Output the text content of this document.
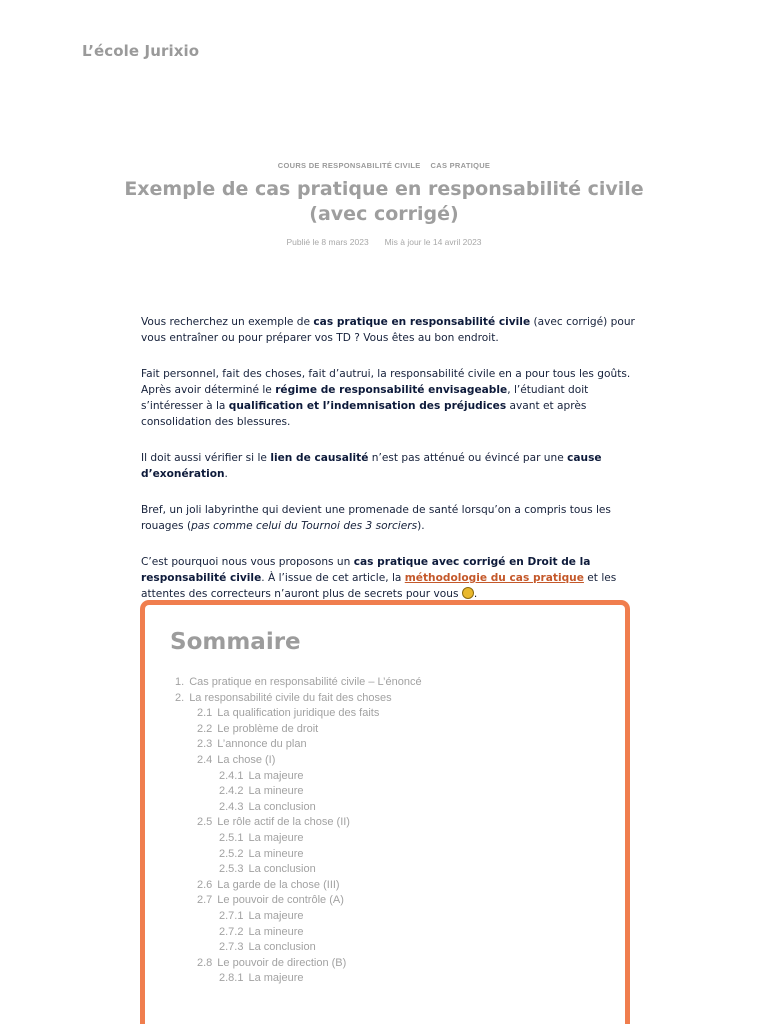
L’école Jurixio
COURS DE RESPONSABILITÉ CIVILE CAS PRATIQUE
Exemple de cas pratique en responsabilité civile (avec corrigé)
Publié le 8 mars 2023 Mis à jour le 14 avril 2023

Vous recherchez un exemple de cas pratique en responsabilité civile (avec corrigé) pour vous entraîner ou pour préparer vos TD ? Vous êtes au bon endroit.

Fait personnel, fait des choses, fait d’autrui, la responsabilité civile en a pour tous les goûts. Après avoir déterminé le régime de responsabilité envisageable, l’étudiant doit s’intéresser à la qualification et l’indemnisation des préjudices avant et après consolidation des blessures.

Il doit aussi vérifier si le lien de causalité n’est pas atténué ou évincé par une cause d’exonération.

Bref, un joli labyrinthe qui devient une promenade de santé lorsqu’on a compris tous les rouages (pas comme celui du Tournoi des 3 sorciers).

C’est pourquoi nous vous proposons un cas pratique avec corrigé en Droit de la responsabilité civile. À l’issue de cet article, la méthodologie du cas pratique et les attentes des correcteurs n’auront plus de secrets pour vous .

Sommaire
1. Cas pratique en responsabilité civile – L’énoncé
2. La responsabilité civile du fait des choses
2.1 La qualification juridique des faits
2.2 Le problème de droit
2.3 L’annonce du plan
2.4 La chose (I)
2.4.1 La majeure
2.4.2 La mineure
2.4.3 La conclusion
2.5 Le rôle actif de la chose (II)
2.5.1 La majeure
2.5.2 La mineure
2.5.3 La conclusion
2.6 La garde de la chose (III)
2.7 Le pouvoir de contrôle (A)
2.7.1 La majeure
2.7.2 La mineure
2.7.3 La conclusion
2.8 Le pouvoir de direction (B)
2.8.1 La majeure
